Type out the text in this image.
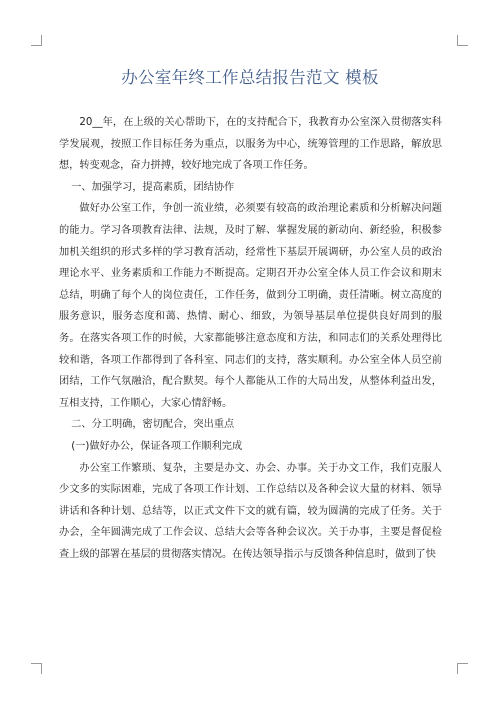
办公室年终工作总结报告范文 模板

20__年，在上级的关心帮助下，在的支持配合下，我教育办公室深入贯彻落实科学发展观，按照工作目标任务为重点，以服务为中心，统筹管理的工作思路，解放思想，转变观念，奋力拼搏，较好地完成了各项工作任务。

一、加强学习，提高素质，团结协作

做好办公室工作，争创一流业绩，必须要有较高的政治理论素质和分析解决问题的能力。学习各项教育法律、法规，及时了解、掌握发展的新动向、新经验，积极参加机关组织的形式多样的学习教育活动，经常性下基层开展调研，办公室人员的政治理论水平、业务素质和工作能力不断提高。定期召开办公室全体人员工作会议和期末总结，明确了每个人的岗位责任，工作任务，做到分工明确，责任清晰。树立高度的服务意识，服务态度和蔼、热情、耐心、细致，为领导基层单位提供良好周到的服务。在落实各项工作的时候，大家都能够注意态度和方法，和同志们的关系处理得比较和谐，各项工作都得到了各科室、同志们的支持，落实顺利。办公室全体人员空前团结，工作气氛融洽，配合默契。每个人都能从工作的大局出发，从整体利益出发，互相支持，工作顺心，大家心情舒畅。

二、分工明确，密切配合，突出重点

(一)做好办公，保证各项工作顺利完成

办公室工作繁琐、复杂，主要是办文、办会、办事。关于办文工作，我们克服人少文多的实际困难，完成了各项工作计划、工作总结以及各种会议大量的材料、领导讲话和各种计划、总结等，以正式文件下文的就有篇，较为圆满的完成了任务。关于办会，全年圆满完成了工作会议、总结大会等各种会议次。关于办事，主要是督促检查上级的部署在基层的贯彻落实情况。在传达领导指示与反馈各种信息时，做到了快
